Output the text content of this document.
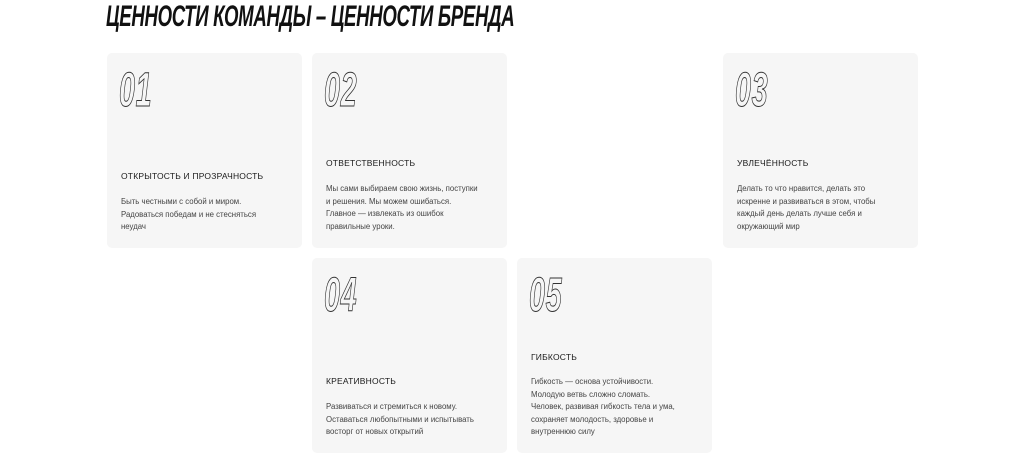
ЦЕННОСТИ КОМАНДЫ – ЦЕННОСТИ БРЕНДА
01
ОТКРЫТОСТЬ И ПРОЗРАЧНОСТЬ
Быть честными с собой и миром.
Радоваться победам и не стесняться
неудач
02
ОТВЕТСТВЕННОСТЬ
Мы сами выбираем свою жизнь, поступки
и решения. Мы можем ошибаться.
Главное — извлекать из ошибок
правильные уроки.
03
УВЛЕЧЁННОСТЬ
Делать то что нравится, делать это
искренне и развиваться в этом, чтобы
каждый день делать лучше себя и
окружающий мир
04
КРЕАТИВНОСТЬ
Развиваться и стремиться к новому.
Оставаться любопытными и испытывать
восторг от новых открытий
05
ГИБКОСТЬ
Гибкость — основа устойчивости.
Молодую ветвь сложно сломать.
Человек, развивая гибкость тела и ума,
сохраняет молодость, здоровье и
внутреннюю силу
